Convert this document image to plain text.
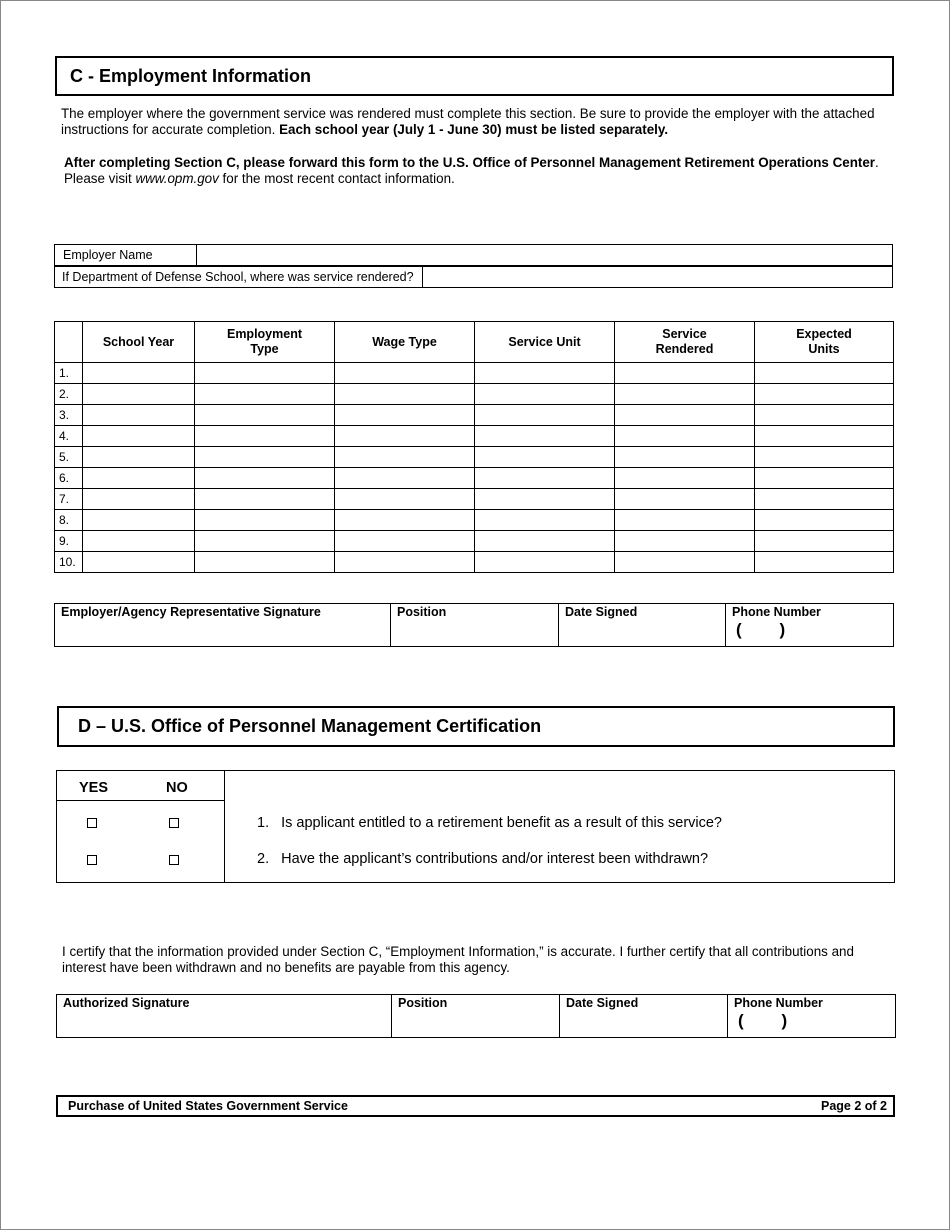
C - Employment Information
The employer where the government service was rendered must complete this section. Be sure to provide the employer with the attached instructions for accurate completion. Each school year (July 1 - June 30) must be listed separately.
After completing Section C, please forward this form to the U.S. Office of Personnel Management Retirement Operations Center. Please visit www.opm.gov for the most recent contact information.
Employer Name	
If Department of Defense School, where was service rendered?	
	School Year	Employment Type	Wage Type	Service Unit	Service Rendered	Expected Units

1.						
2.						
3.						
4.						
5.						
6.						
7.						
8.						
9.						
10.						
Employer/Agency Representative Signature	Position	Date Signed	Phone Number
(        )
D – U.S. Office of Personnel Management Certification
YES	NO
1. Is applicant entitled to a retirement benefit as a result of this service?
2. Have the applicant’s contributions and/or interest been withdrawn?
I certify that the information provided under Section C, “Employment Information,” is accurate. I further certify that all contributions and interest have been withdrawn and no benefits are payable from this agency.
Authorized Signature	Position	Date Signed	Phone Number
(        )
Purchase of United States Government Service	Page 2 of 2
